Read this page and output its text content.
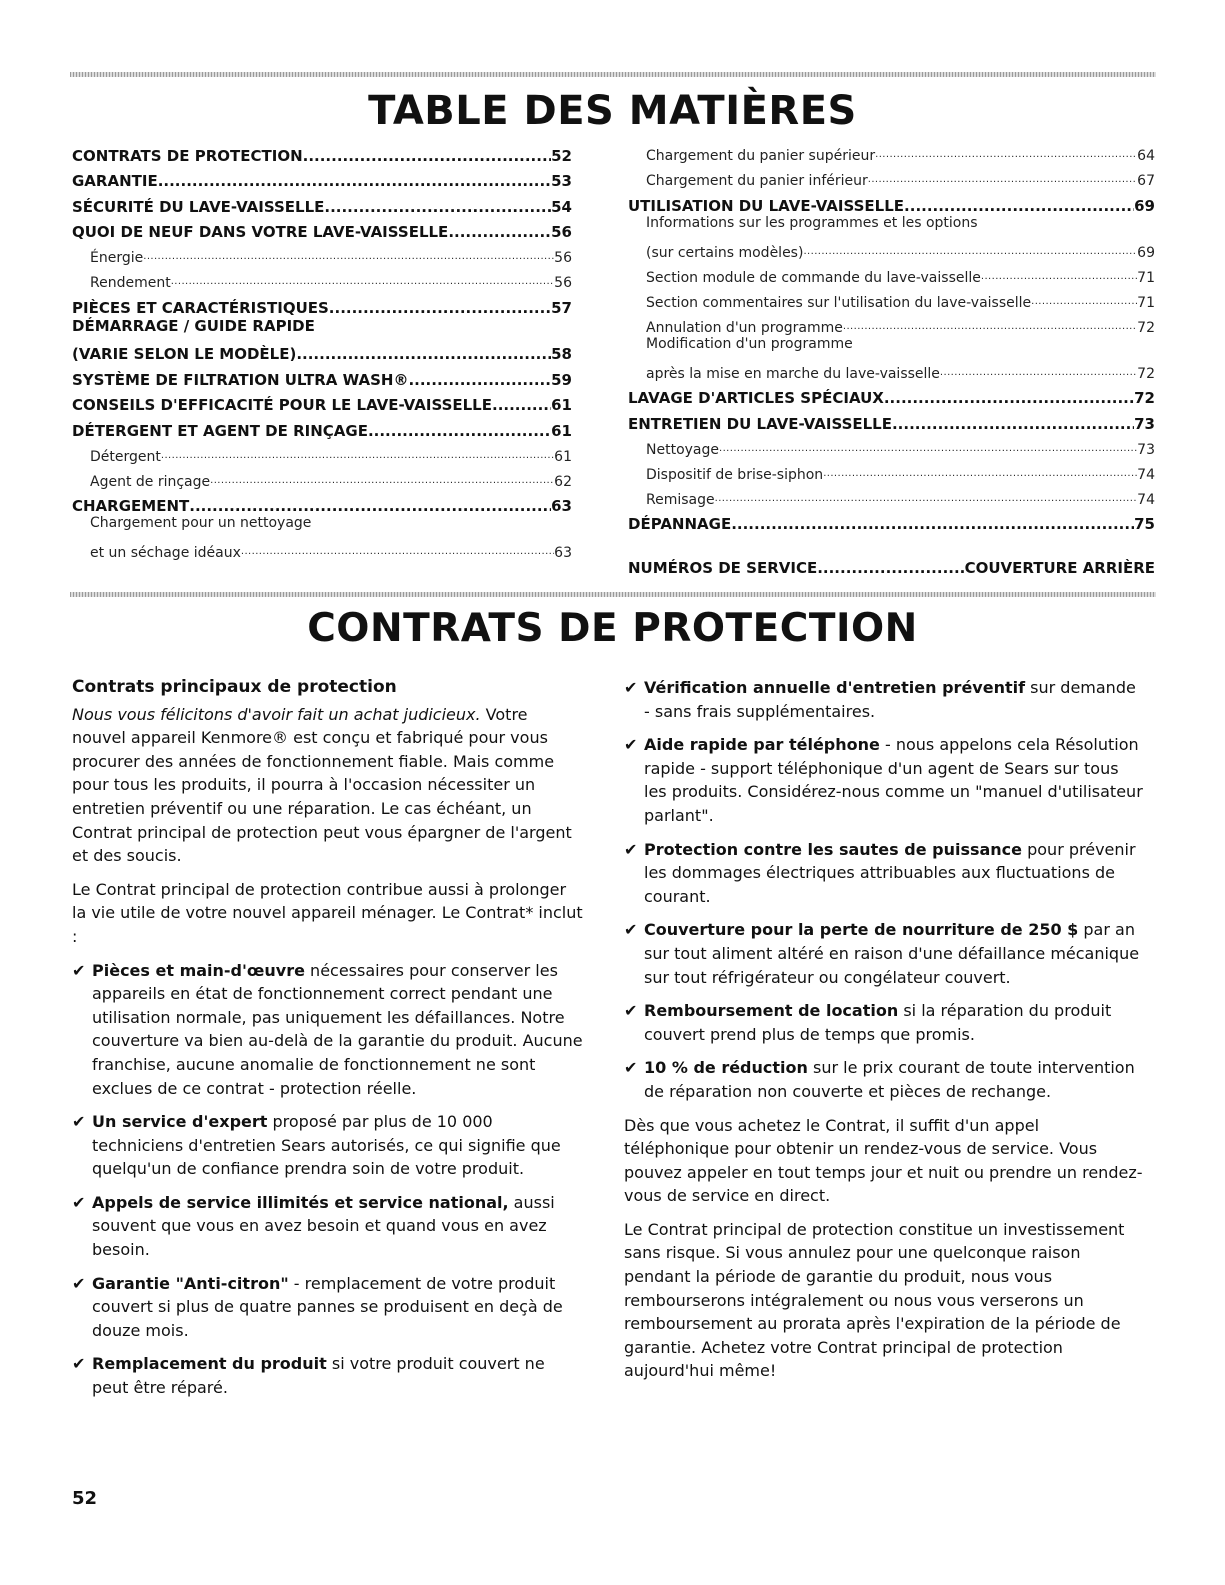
TABLE DES MATIÈRES
CONTRATS DE PROTECTION .....	52
GARANTIE .....	53
SÉCURITÉ DU LAVE-VAISSELLE .....	54
QUOI DE NEUF DANS VOTRE LAVE-VAISSELLE .....	56
Énergie .....	56
Rendement .....	56
PIÈCES ET CARACTÉRISTIQUES .....	57
DÉMARRAGE / GUIDE RAPIDE
(VARIE SELON LE MODÈLE) .....	58
SYSTÈME DE FILTRATION ULTRA WASH® .....	59
CONSEILS D'EFFICACITÉ POUR LE LAVE-VAISSELLE .....	61
DÉTERGENT ET AGENT DE RINÇAGE .....	61
Détergent .....	61
Agent de rinçage .....	62
CHARGEMENT .....	63
Chargement pour un nettoyage
et un séchage idéaux .....	63
Chargement du panier supérieur .....	64
Chargement du panier inférieur .....	67
UTILISATION DU LAVE-VAISSELLE .....	69
Informations sur les programmes et les options
(sur certains modèles) .....	69
Section module de commande du lave-vaisselle .....	71
Section commentaires sur l'utilisation du lave-vaisselle .....	71
Annulation d'un programme .....	72
Modification d'un programme
après la mise en marche du lave-vaisselle .....	72
LAVAGE D'ARTICLES SPÉCIAUX .....	72
ENTRETIEN DU LAVE-VAISSELLE .....	73
Nettoyage .....	73
Dispositif de brise-siphon .....	74
Remisage .....	74
DÉPANNAGE .....	75
NUMÉROS DE SERVICE .....	COUVERTURE ARRIÈRE
CONTRATS DE PROTECTION
Contrats principaux de protection

Nous vous félicitons d'avoir fait un achat judicieux. Votre nouvel appareil Kenmore® est conçu et fabriqué pour vous procurer des années de fonctionnement fiable. Mais comme pour tous les produits, il pourra à l'occasion nécessiter un entretien préventif ou une réparation. Le cas échéant, un Contrat principal de protection peut vous épargner de l'argent et des soucis.

Le Contrat principal de protection contribue aussi à prolonger la vie utile de votre nouvel appareil ménager. Le Contrat* inclut :

✔ Pièces et main-d'œuvre nécessaires pour conserver les appareils en état de fonctionnement correct pendant une utilisation normale, pas uniquement les défaillances. Notre couverture va bien au-delà de la garantie du produit. Aucune franchise, aucune anomalie de fonctionnement ne sont exclues de ce contrat - protection réelle.
✔ Un service d'expert proposé par plus de 10 000 techniciens d'entretien Sears autorisés, ce qui signifie que quelqu'un de confiance prendra soin de votre produit.
✔ Appels de service illimités et service national, aussi souvent que vous en avez besoin et quand vous en avez besoin.
✔ Garantie "Anti-citron" - remplacement de votre produit couvert si plus de quatre pannes se produisent en deçà de douze mois.
✔ Remplacement du produit si votre produit couvert ne peut être réparé.
✔ Vérification annuelle d'entretien préventif sur demande - sans frais supplémentaires.
✔ Aide rapide par téléphone - nous appelons cela Résolution rapide - support téléphonique d'un agent de Sears sur tous les produits. Considérez-nous comme un "manuel d'utilisateur parlant".
✔ Protection contre les sautes de puissance pour prévenir les dommages électriques attribuables aux fluctuations de courant.
✔ Couverture pour la perte de nourriture de 250 $ par an sur tout aliment altéré en raison d'une défaillance mécanique sur tout réfrigérateur ou congélateur couvert.
✔ Remboursement de location si la réparation du produit couvert prend plus de temps que promis.
✔ 10 % de réduction sur le prix courant de toute intervention de réparation non couverte et pièces de rechange.

Dès que vous achetez le Contrat, il suffit d'un appel téléphonique pour obtenir un rendez-vous de service. Vous pouvez appeler en tout temps jour et nuit ou prendre un rendez-vous de service en direct.

Le Contrat principal de protection constitue un investissement sans risque. Si vous annulez pour une quelconque raison pendant la période de garantie du produit, nous vous rembourserons intégralement ou nous vous verserons un remboursement au prorata après l'expiration de la période de garantie. Achetez votre Contrat principal de protection aujourd'hui même!

52
